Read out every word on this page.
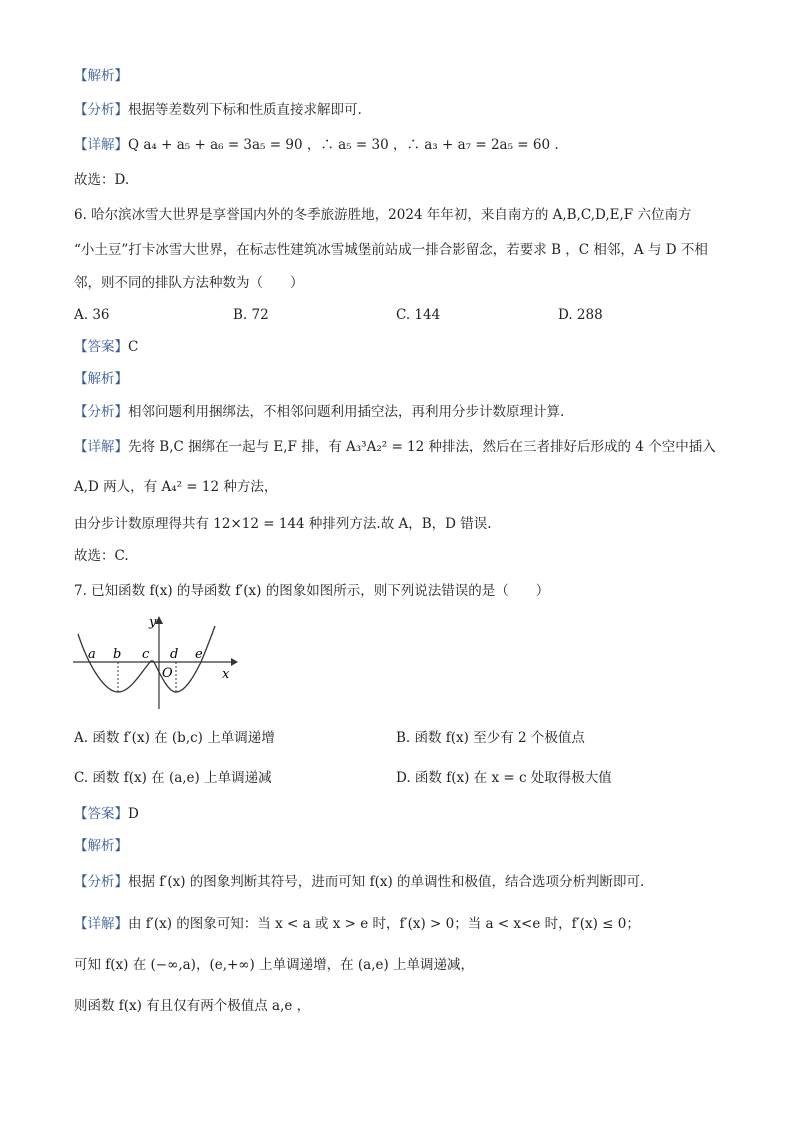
【解析】
【分析】根据等差数列下标和性质直接求解即可.
【详解】Q a₄ + a₅ + a₆ = 3a₅ = 90 ，∴ a₅ = 30 ，∴ a₃ + a₇ = 2a₅ = 60 .
故选：D.
6. 哈尔滨冰雪大世界是享誉国内外的冬季旅游胜地，2024 年年初，来自南方的 A,B,C,D,E,F 六位南方
“小土豆”打卡冰雪大世界，在标志性建筑冰雪城堡前站成一排合影留念，若要求 B ，C 相邻，A 与 D 不相
邻，则不同的排队方法种数为（　　）
A. 36	B. 72	C. 144	D. 288
【答案】C
【解析】
【分析】相邻问题利用捆绑法，不相邻问题利用插空法，再利用分步计数原理计算.
【详解】先将 B,C 捆绑在一起与 E,F 排，有 A₃³A₂² = 12 种排法，然后在三者排好后形成的 4 个空中插入
A,D 两人，有 A₄² = 12 种方法，
由分步计数原理得共有 12×12 = 144 种排列方法.故 A，B，D 错误.
故选：C.
7. 已知函数 f(x) 的导函数 f′(x) 的图象如图所示，则下列说法错误的是（　　）
y
a b c d e
O	x
A. 函数 f′(x) 在 (b,c) 上单调递增	B. 函数 f(x) 至少有 2 个极值点
C. 函数 f(x) 在 (a,e) 上单调递减	D. 函数 f(x) 在 x = c 处取得极大值
【答案】D
【解析】
【分析】根据 f′(x) 的图象判断其符号，进而可知 f(x) 的单调性和极值，结合选项分析判断即可.
【详解】由 f′(x) 的图象可知：当 x < a 或 x > e 时，f′(x) > 0；当 a < x<e 时，f′(x) ≤ 0；
可知 f(x) 在 (−∞,a)，(e,+∞) 上单调递增，在 (a,e) 上单调递减，
则函数 f(x) 有且仅有两个极值点 a,e ，
